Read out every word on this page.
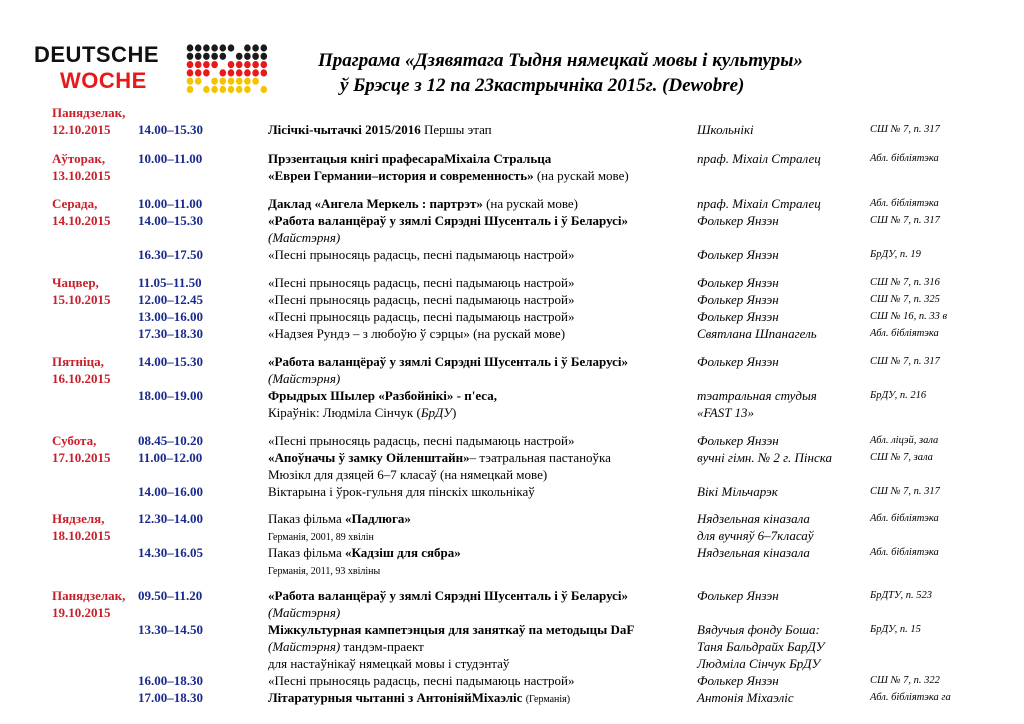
DEUTSCHE
WOCHE
Праграма «Дзявятага Тыдня нямецкай мовы і культуры»
ў Брэсце з 12 па 23кастрычніка 2015г. (Dewobre)
Панядзелак,
12.10.2015 14.00–15.30	Лісічкі-чытачкі 2015/2016 Першы этап	Школьнікі	СШ № 7, п. 317
Аўторак,	10.00–11.00	Прэзентацыя кнігі прафесараМіхаіла Стральца	праф. Міхаіл Стралец	Абл. бібліятэка
13.10.2015	«Евреи Германии–история и современность» (на рускай мове)
Серада,	10.00–11.00	Даклад «Ангела Меркель : партрэт» (на рускай мове)	праф. Міхаіл Стралец	Абл. бібліятэка
14.10.2015 14.00–15.30	«Работа валанцёраў у зямлі Сярэдні Шусенталь і ў Беларусі»	Фолькер Янзэн	СШ № 7, п. 317
(Майстэрня)
16.30–17.50	«Песні прыносяць радасць, песні падымаюць настрой»	Фолькер Янзэн	БрДУ, п. 19
Чацвер,	11.05–11.50	«Песні прыносяць радасць, песні падымаюць настрой»	Фолькер Янзэн	СШ № 7, п. 316
15.10.2015 12.00–12.45	«Песні прыносяць радасць, песні падымаюць настрой»	Фолькер Янзэн	СШ № 7, п. 325
13.00–16.00	«Песні прыносяць радасць, песні падымаюць настрой»	Фолькер Янзэн	СШ № 16, п. 33 в
17.30–18.30	«Надзея Рундэ – з любоўю ў сэрцы» (на рускай мове)	Святлана Шпанагель	Абл. бібліятэка
Пятніца,	14.00–15.30	«Работа валанцёраў у зямлі Сярэдні Шусенталь і ў Беларусі»	Фолькер Янзэн	СШ № 7, п. 317
16.10.2015	(Майстэрня)
18.00–19.00	Фрыдрых Шылер «Разбойнікі» - п'еса,	тэатральная студыя	БрДУ, п. 216
Кіраўнік: Людміла Сінчук (БрДУ)	«FAST 13»
Субота,	08.45–10.20	«Песні прыносяць радасць, песні падымаюць настрой»	Фолькер Янзэн	Абл. ліцэй, зала
17.10.2015 11.00–12.00	«Апоўначы ў замку Ойленштайн»– тэатральная пастаноўка	вучні гімн. № 2 г. Пінска	СШ № 7, зала
Мюзікл для дзяцей 6–7 класаў (на нямецкай мове)
14.00–16.00	Віктарына і ўрок-гульня для пінскіх школьнікаў	Вікі Мільчарэк	СШ № 7, п. 317
Нядзеля,	12.30–14.00	Паказ фільма «Падлюга»	Нядзельная кіназала	Абл. бібліятэка
18.10.2015	Германія, 2001, 89 хвілін	для вучняў 6–7класаў
14.30–16.05	Паказ фільма «Кадзіш для сябра»	Нядзельная кіназала	Абл. бібліятэка
Германія, 2011, 93 хвіліны
Панядзелак, 09.50–11.20	«Работа валанцёраў у зямлі Сярэдні Шусенталь і ў Беларусі»	Фолькер Янзэн	БрДТУ, п. 523
19.10.2015	(Майстэрня)
13.30–14.50	Міжкультурная кампетэнцыя для заняткаў па методыцы DaF	Вядучыя фонду Боша:	БрДУ, п. 15
(Майстэрня) тандэм-праект	Таня Бальдрайх БарДУ
для настаўнікаў нямецкай мовы і студэнтаў	Людміла Сінчук БрДУ
16.00–18.30	«Песні прыносяць радасць, песні падымаюць настрой»	Фолькер Янзэн	СШ № 7, п. 322
17.00–18.30	Літаратурныя чытанні з АнтоніяйМіхаэліс (Германія)	Антонія Міхаэліс	Абл. бібліятэка га
